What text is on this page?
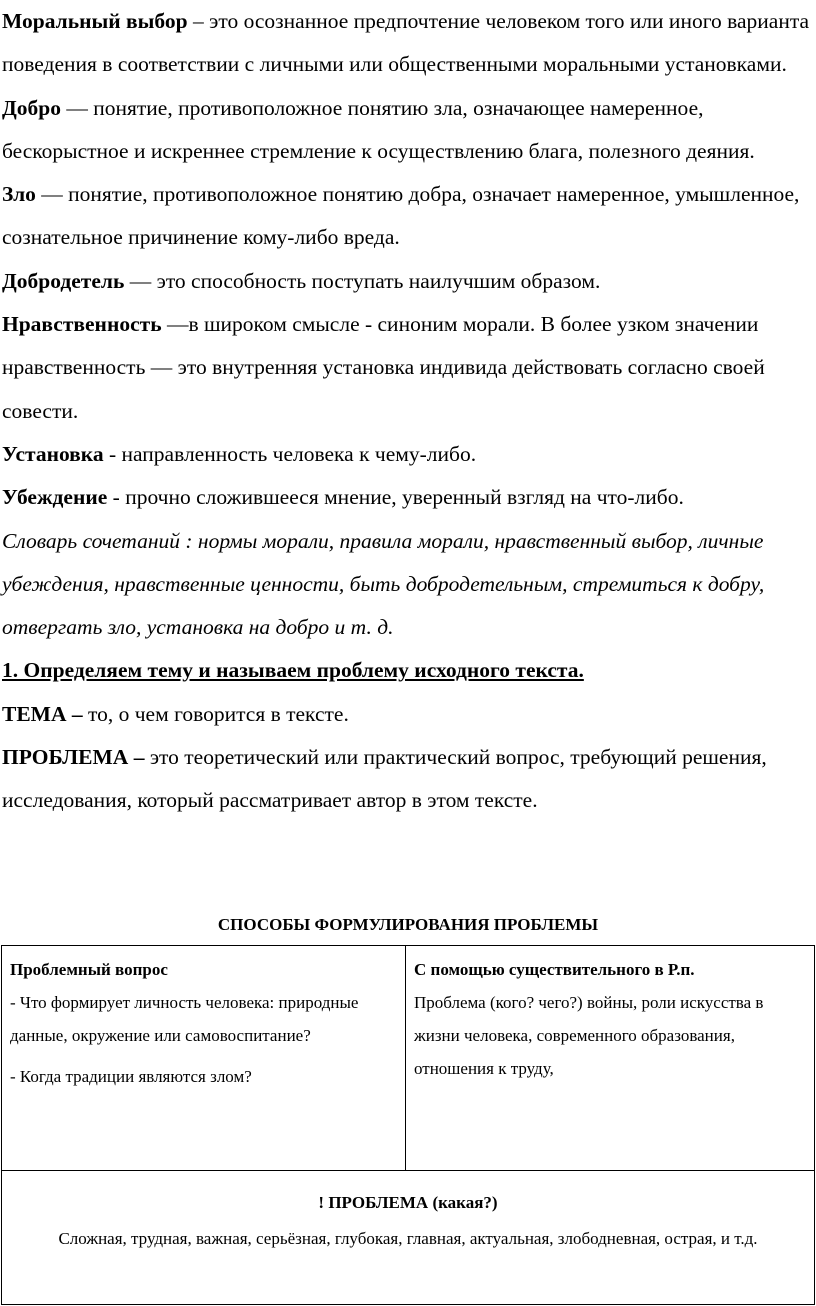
Моральный выбор – это осознанное предпочтение человеком того или иного варианта поведения в соответствии с личными или общественными моральными установками.

Добро — понятие, противоположное понятию зла, означающее намеренное, бескорыстное и искреннее стремление к осуществлению блага, полезного деяния.

Зло — понятие, противоположное понятию добра, означает намеренное, умышленное, сознательное причинение кому-либо вреда.

Добродетель — это способность поступать наилучшим образом.

Нравственность —в широком смысле - синоним морали. В более узком значении нравственность — это внутренняя установка индивида действовать согласно своей совести.

Установка - направленность человека к чему-либо.

Убеждение - прочно сложившееся мнение, уверенный взгляд на что-либо.

Словарь сочетаний : нормы морали, правила морали, нравственный выбор, личные убеждения, нравственные ценности, быть добродетельным, стремиться к добру, отвергать зло, установка на добро и т. д.

1. Определяем тему и называем проблему исходного текста.

ТЕМА – то, о чем говорится в тексте.

ПРОБЛЕМА – это теоретический или практический вопрос, требующий решения, исследования, который рассматривает автор в этом тексте.

СПОСОБЫ ФОРМУЛИРОВАНИЯ ПРОБЛЕМЫ

Проблемный вопрос

- Что формирует личность человека: природные данные, окружение или самовоспитание?

- Когда традиции являются злом?

С помощью существительного в Р.п.

Проблема (кого? чего?) войны, роли искусства в жизни человека, современного образования, отношения к труду,

! ПРОБЛЕМА (какая?)

Сложная, трудная, важная, серьёзная, глубокая, главная, актуальная, злободневная, острая, и т.д.
